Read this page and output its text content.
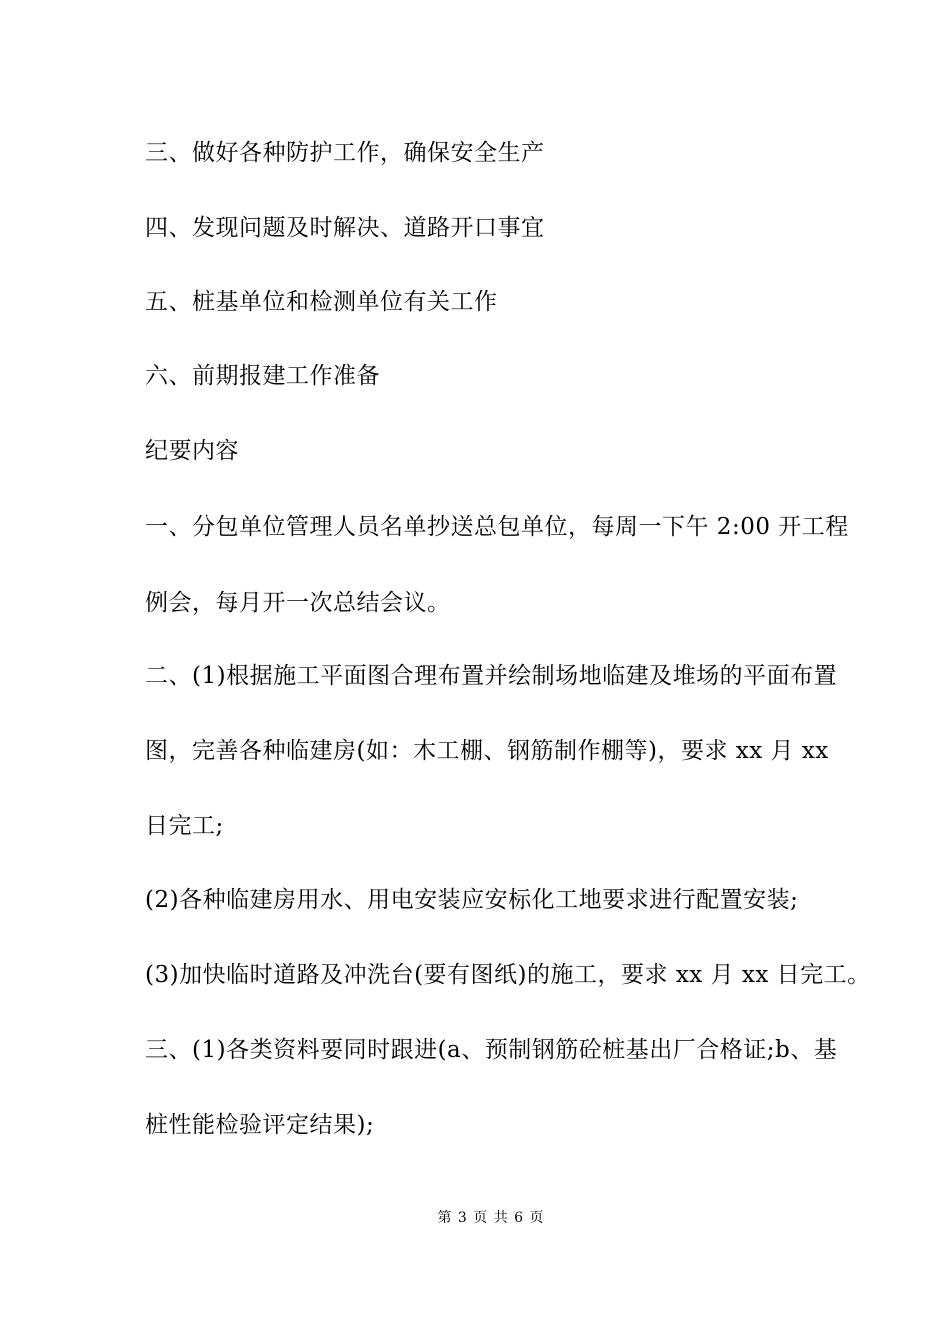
三、做好各种防护工作，确保安全生产
四、发现问题及时解决、道路开口事宜
五、桩基单位和检测单位有关工作
六、前期报建工作准备
纪要内容
一、分包单位管理人员名单抄送总包单位，每周一下午 2:00 开工程
例会，每月开一次总结会议。
二、(1)根据施工平面图合理布置并绘制场地临建及堆场的平面布置
图，完善各种临建房(如：木工棚、钢筋制作棚等)，要求 xx 月 xx
日完工;
(2)各种临建房用水、用电安装应安标化工地要求进行配置安装;
(3)加快临时道路及冲洗台(要有图纸)的施工，要求 xx 月 xx 日完工。
三、(1)各类资料要同时跟进(a、预制钢筋砼桩基出厂合格证;b、基
桩性能检验评定结果);
第 3 页 共 6 页
